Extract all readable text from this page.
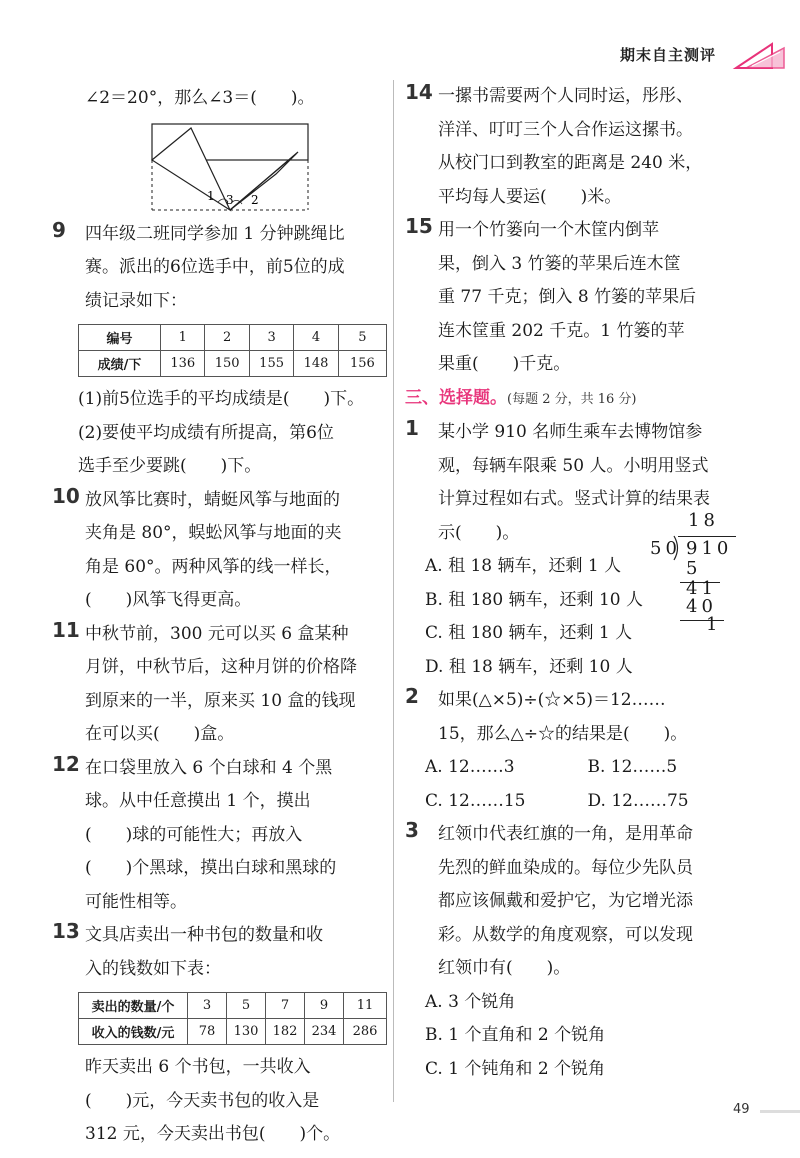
期末自主测评

∠2＝20°，那么∠3＝(　　)。

1 3 2
9 四年级二班同学参加 1 分钟跳绳比

赛。派出的6位选手中，前5位的成

绩记录如下：

编号	1	2	3	4	5
成绩/下	136	150	155	148	156

(1)前5位选手的平均成绩是(　　)下。

(2)要使平均成绩有所提高，第6位

选手至少要跳(　　)下。

10 放风筝比赛时，蜻蜓风筝与地面的

夹角是 80°，蜈蚣风筝与地面的夹

角是 60°。两种风筝的线一样长，

(　　)风筝飞得更高。

11 中秋节前，300 元可以买 6 盒某种

月饼，中秋节后，这种月饼的价格降

到原来的一半，原来买 10 盒的钱现

在可以买(　　)盒。

12 在口袋里放入 6 个白球和 4 个黑

球。从中任意摸出 1 个，摸出

(　　)球的可能性大；再放入

(　　)个黑球，摸出白球和黑球的

可能性相等。

13 文具店卖出一种书包的数量和收

入的钱数如下表：

卖出的数量/个	3	5	7	9	11
收入的钱数/元	78	130	182	234	286

昨天卖出 6 个书包，一共收入

(　　)元，今天卖书包的收入是

312 元，今天卖出书包(　　)个。

14 一摞书需要两个人同时运，彤彤、

洋洋、叮叮三个人合作运这摞书。

从校门口到教室的距离是 240 米，

平均每人要运(　　)米。

15 用一个竹篓向一个木筐内倒苹

果，倒入 3 竹篓的苹果后连木筐

重 77 千克；倒入 8 竹篓的苹果后

连木筐重 202 千克。1 竹篓的苹

果重(　　)千克。

三、选择题。(每题 2 分，共 16 分)

1 某小学 910 名师生乘车去博物馆参

观，每辆车限乘 50 人。小明用竖式

计算过程如右式。竖式计算的结果表

示(　　)。

A. 租 18 辆车，还剩 1 人

B. 租 180 辆车，还剩 10 人

C. 租 180 辆车，还剩 1 人

D. 租 18 辆车，还剩 10 人

2 如果(△×5)÷(☆×5)＝12……

15，那么△÷☆的结果是(　　)。

A. 12……3	B. 12……5

C. 12……15	D. 12……75

3 红领巾代表红旗的一角，是用革命

先烈的鲜血染成的。每位少先队员

都应该佩戴和爱护它，为它增光添

彩。从数学的角度观察，可以发现

红领巾有(　　)。

A. 3 个锐角

B. 1 个直角和 2 个锐角

C. 1 个钝角和 2 个锐角

18
50 910
5
41
40
1
49
